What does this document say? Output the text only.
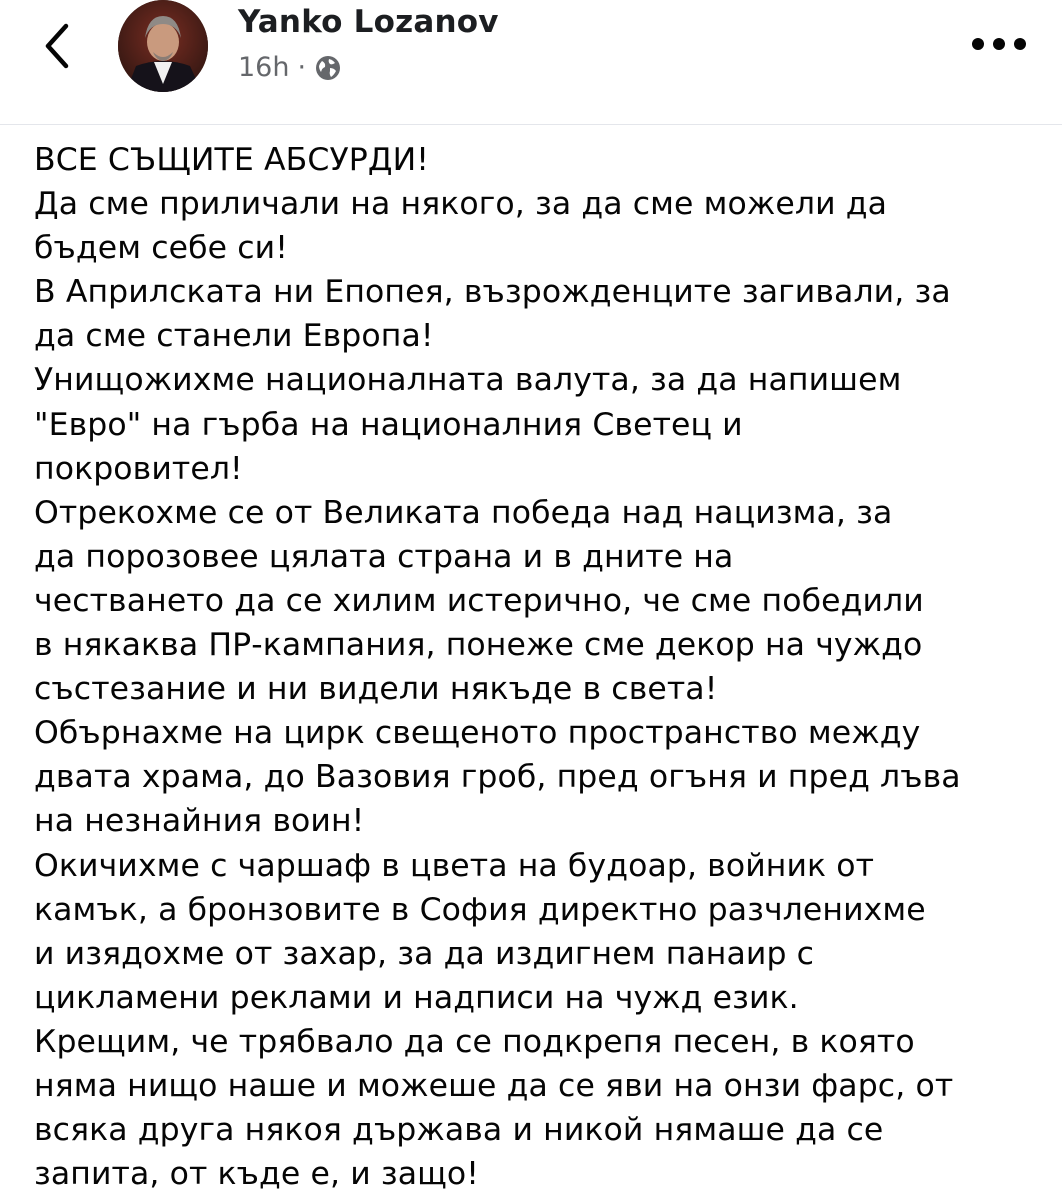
Yanko Lozanov
16h ·

ВСЕ СЪЩИТЕ АБСУРДИ!

Да сме приличали на някого, за да сме можели да

бъдем себе си!

В Априлската ни Епопея, възрожденците загивали, за

да сме станели Европа!

Унищожихме националната валута, за да напишем

"Евро" на гърба на националния Светец и

покровител!

Отрекохме се от Великата победа над нацизма, за

да порозовее цялата страна и в дните на

честването да се хилим истерично, че сме победили

в някаква ПР-кампания, понеже сме декор на чуждо

състезание и ни видели някъде в света!

Обърнахме на цирк свещеното пространство между

двата храма, до Вазовия гроб, пред огъня и пред лъва

на незнайния воин!

Окичихме с чаршаф в цвета на будоар, войник от

камък, а бронзовите в София директно разчленихме

и изядохме от захар, за да издигнем панаир с

цикламени реклами и надписи на чужд език.

Крещим, че трябвало да се подкрепя песен, в която

няма нищо наше и можеше да се яви на онзи фарс, от

всяка друга някоя държава и никой нямаше да се

запита, от къде е, и защо!
